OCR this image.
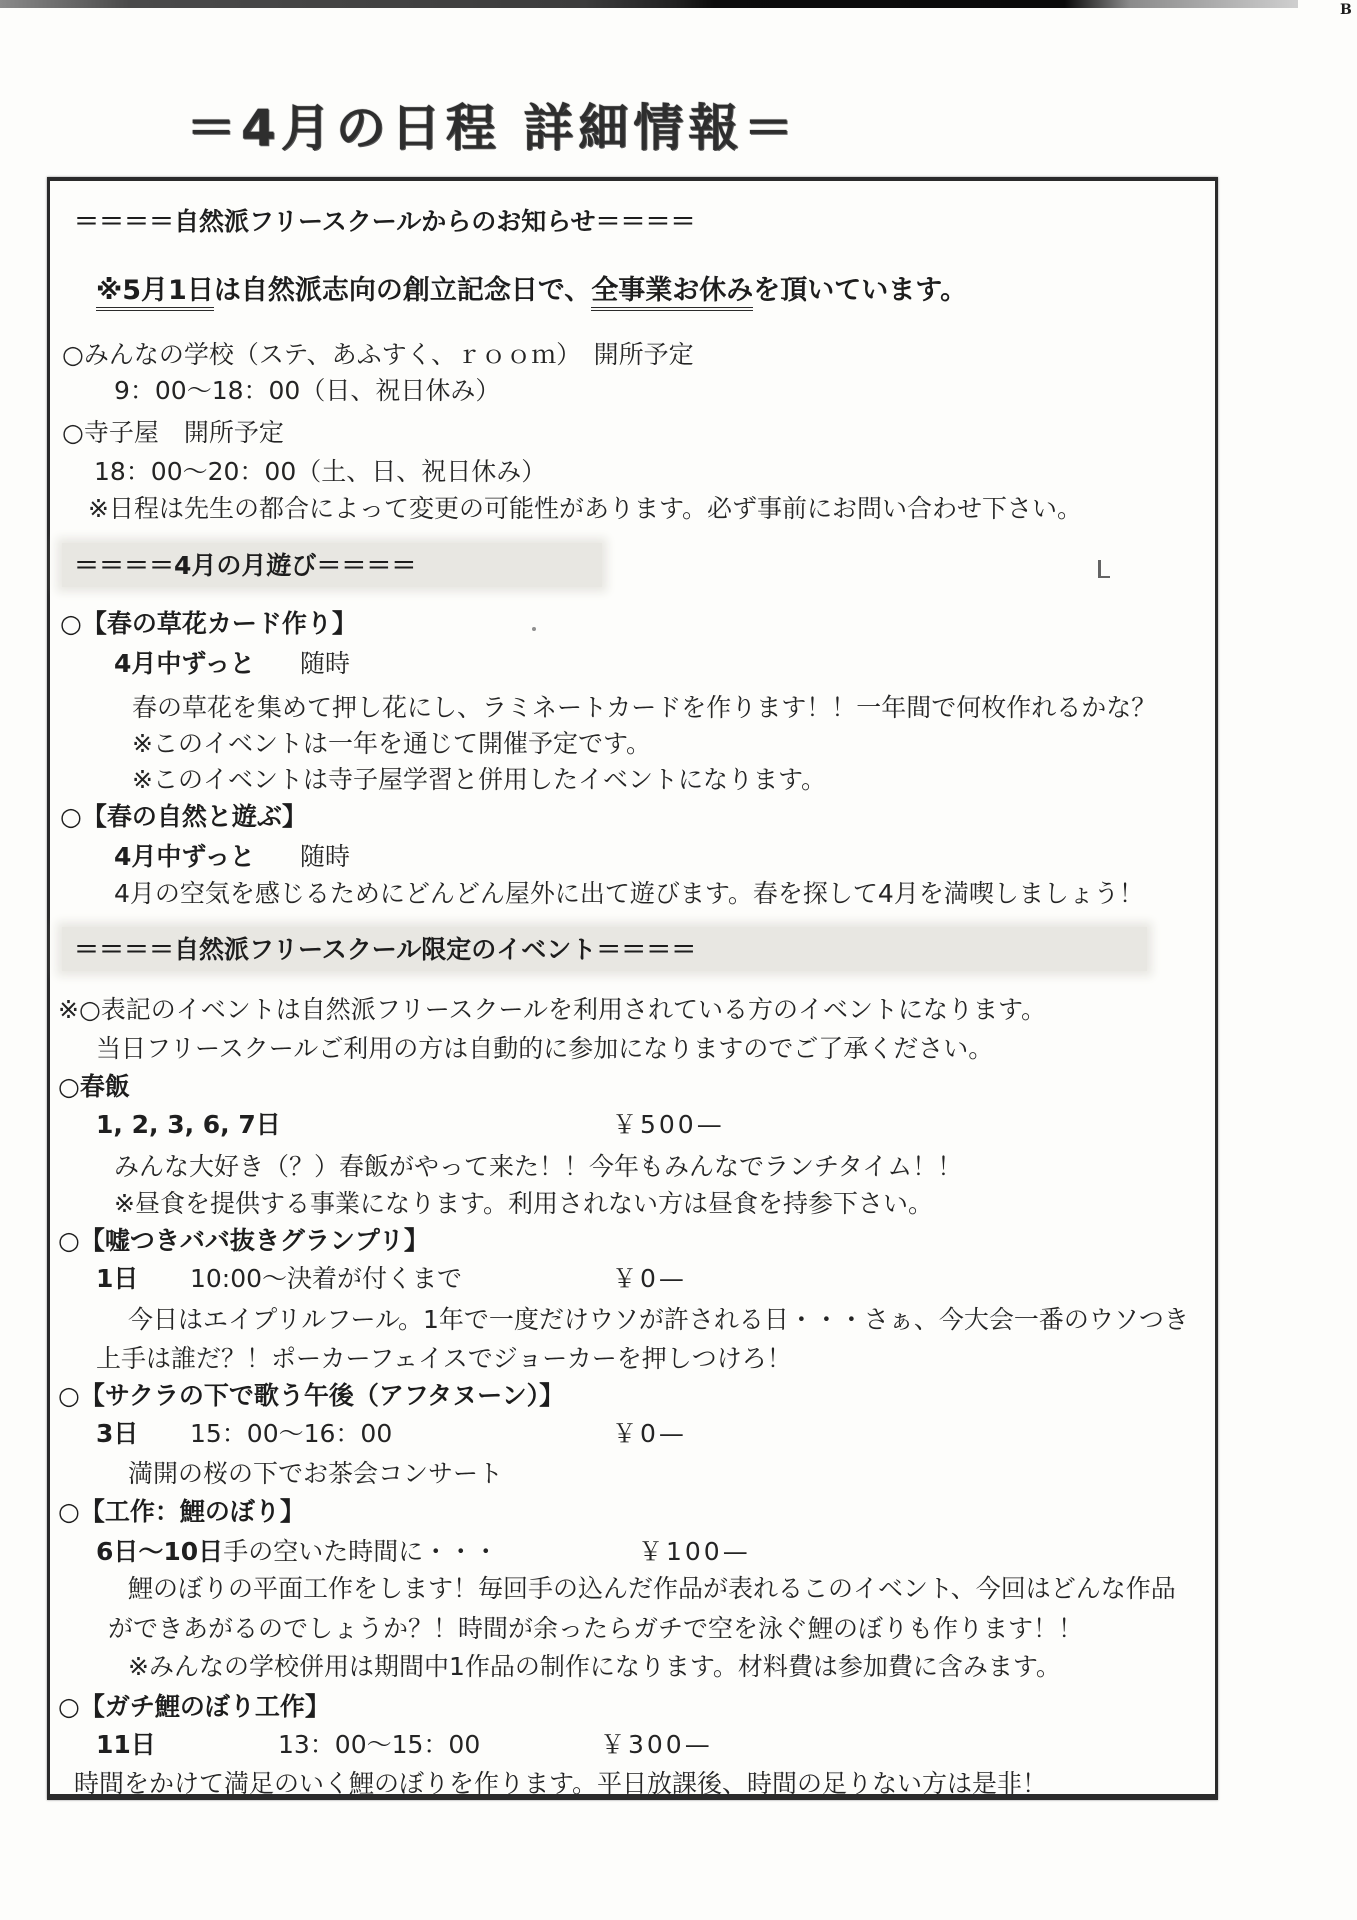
B
＝4月の日程 詳細情報＝
※5月1日は自然派志向の創立記念日で、全事業お休みを頂いています。
＝＝＝＝自然派フリースクールからのお知らせ＝＝＝＝
○みんなの学校（ステ、あふすく、ｒｏｏｍ）　開所予定
9：00～18：00（日、祝日休み）
○寺子屋　開所予定
18：00～20：00（土、日、祝日休み）
※日程は先生の都合によって変更の可能性があります。必ず事前にお問い合わせ下さい。
＝＝＝＝4月の月遊び＝＝＝＝
○【春の草花カード作り】
4月中ずっと 随時
春の草花を集めて押し花にし、ラミネートカードを作ります！！一年間で何枚作れるかな？
※このイベントは一年を通じて開催予定です。
※このイベントは寺子屋学習と併用したイベントになります。
○【春の自然と遊ぶ】
4月中ずっと 随時
4月の空気を感じるためにどんどん屋外に出て遊びます。春を探して4月を満喫しましょう！
＝＝＝＝自然派フリースクール限定のイベント＝＝＝＝
※○表記のイベントは自然派フリースクールを利用されている方のイベントになります。
当日フリースクールご利用の方は自動的に参加になりますのでご了承ください。
○春飯
1, 2, 3, 6, 7日	￥500—
みんな大好き（？）春飯がやって来た！！今年もみんなでランチタイム！！
※昼食を提供する事業になります。利用されない方は昼食を持参下さい。
○【嘘つきババ抜きグランプリ】
1日 10:00～決着が付くまで	￥0—
今日はエイプリルフール。1年で一度だけウソが許される日・・・さぁ、今大会一番のウソつき
上手は誰だ？！ポーカーフェイスでジョーカーを押しつけろ！
○【サクラの下で歌う午後（アフタヌーン）】
3日 15：00～16：00	￥0—
満開の桜の下でお茶会コンサート
○【工作：鯉のぼり】
6日～10日手の空いた時間に・・・	￥100—
鯉のぼりの平面工作をします！毎回手の込んだ作品が表れるこのイベント、今回はどんな作品
ができあがるのでしょうか？！時間が余ったらガチで空を泳ぐ鯉のぼりも作ります！！
※みんなの学校併用は期間中1作品の制作になります。材料費は参加費に含みます。
○【ガチ鯉のぼり工作】
11日	13：00～15：00	￥300—
時間をかけて満足のいく鯉のぼりを作ります。平日放課後、時間の足りない方は是非！
